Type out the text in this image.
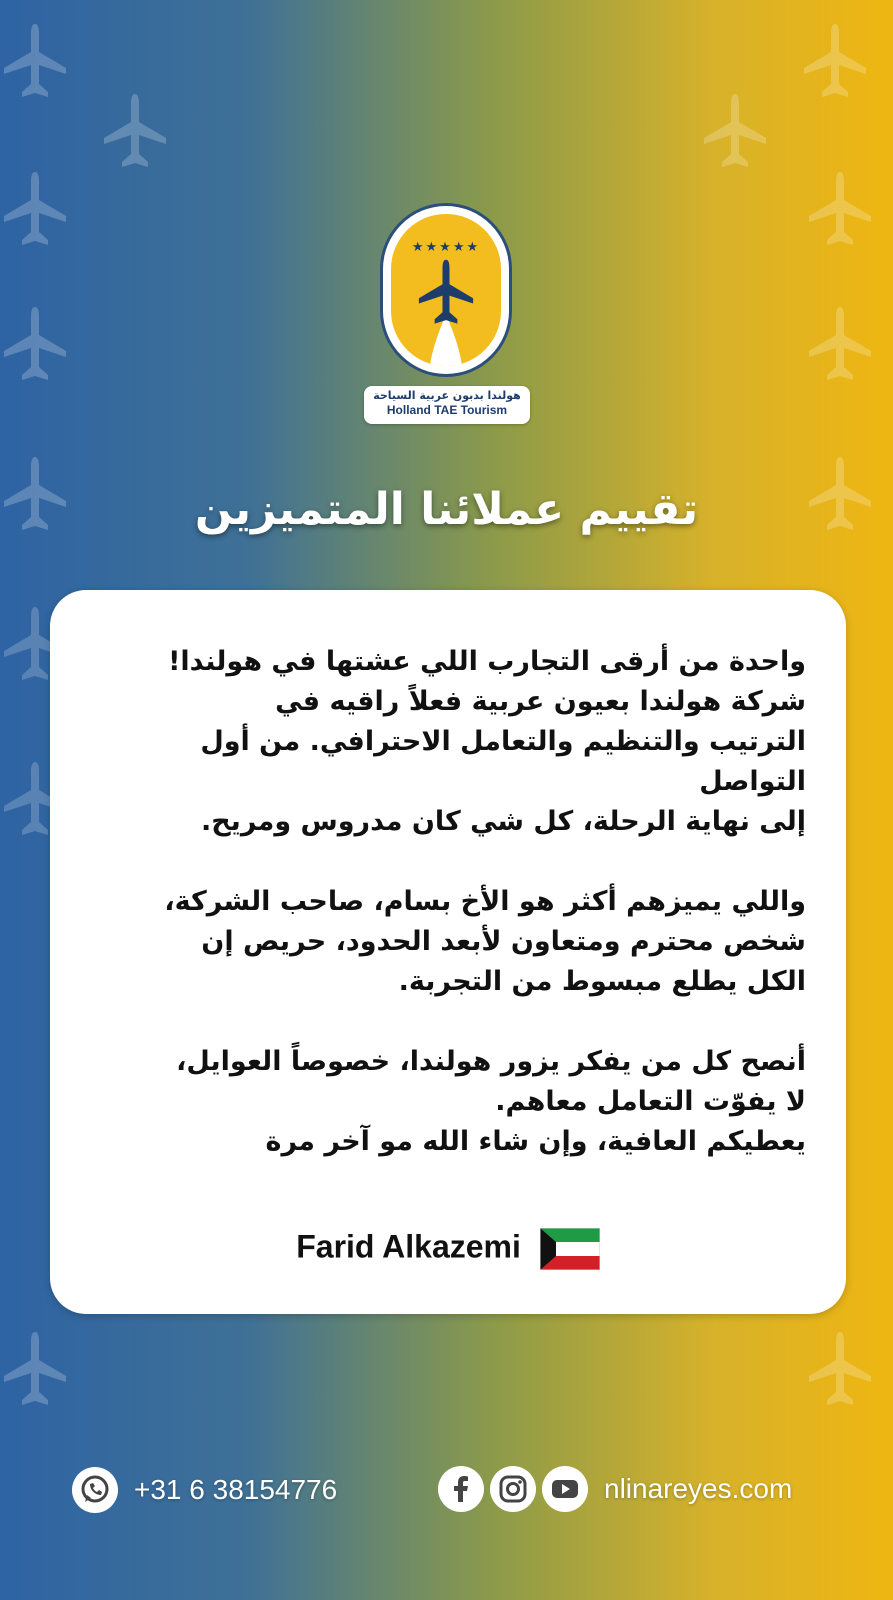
★★★★★
هولندا بدبون عربية السياحة
Holland TAE Tourism
تقييم عملائنا المتميزين

واحدة من أرقى التجارب اللي عشتها في هولندا!
شركة هولندا بعيون عربية فعلاً راقيه في
الترتيب والتنظيم والتعامل الاحترافي. من أول
التواصل
إلى نهاية الرحلة، كل شي كان مدروس ومريح.

واللي يميزهم أكثر هو الأخ بسام، صاحب الشركة،
شخص محترم ومتعاون لأبعد الحدود، حريص إن
الكل يطلع مبسوط من التجربة.

أنصح كل من يفكر يزور هولندا، خصوصاً العوايل،
لا يفوّت التعامل معاهم.
يعطيكم العافية، وإن شاء الله مو آخر مرة

Farid Alkazemi
+31 6 38154776	nlinareyes.com
